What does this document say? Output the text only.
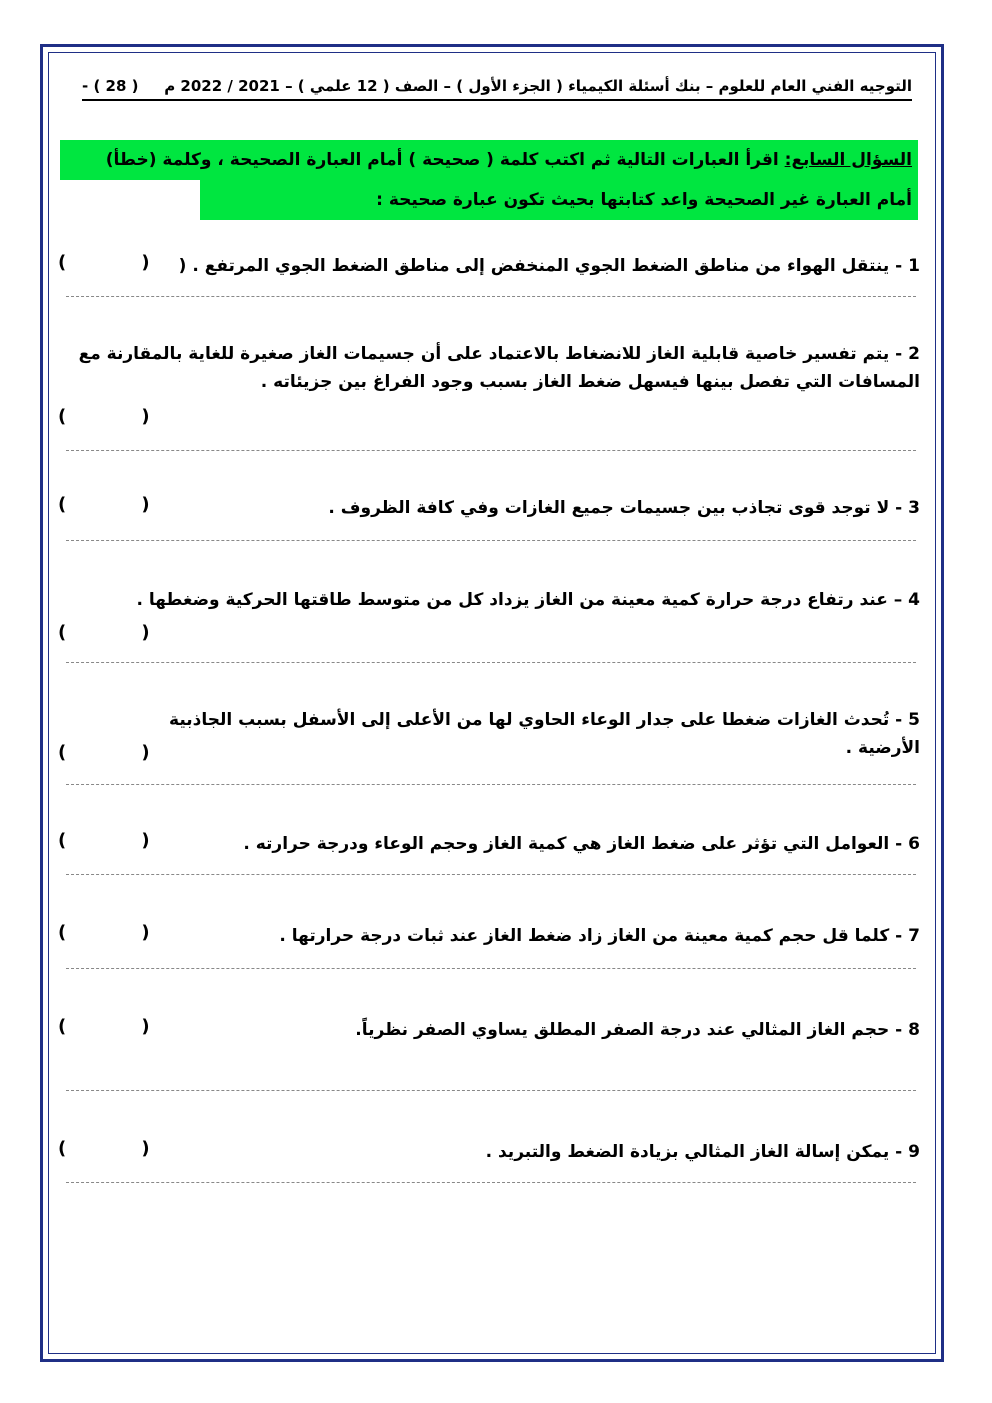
التوجيه الفني العام للعلوم – بنك أسئلة الكيمياء ( الجزء الأول ) – الصف ( 12 علمي ) – 2021 / 2022 م
- ( 28 )
السؤال السابع: اقرأ العبارات التالية ثم اكتب كلمة ( صحيحة ) أمام العبارة الصحيحة ، وكلمة (خطأ)
أمام العبارة غير الصحيحة واعد كتابتها بحيث تكون عبارة صحيحة :
1 - ينتقل الهواء من مناطق الضغط الجوي المنخفض إلى مناطق الضغط الجوي المرتفع . (
(            )
2 - يتم تفسير خاصية قابلية الغاز للانضغاط بالاعتماد على أن جسيمات الغاز صغيرة للغاية بالمقارنة مع المسافات التي تفصل بينها فيسهل ضغط الغاز بسبب وجود الفراغ بين جزيئاته .
(            )
3 - لا توجد قوى تجاذب بين جسيمات جميع الغازات وفي كافة الظروف .
(            )
4 – عند رتفاع درجة حرارة كمية معينة من الغاز يزداد كل من متوسط طاقتها الحركية وضغطها .
(            )
5 - تُحدث الغازات ضغطا على جدار الوعاء الحاوي لها من الأعلى إلى الأسفل بسبب الجاذبية الأرضية .
(            )
6 - العوامل التي تؤثر على ضغط الغاز هي كمية الغاز وحجم الوعاء ودرجة حرارته .
(            )
7 - كلما قل حجم كمية معينة من الغاز زاد ضغط الغاز عند ثبات درجة حرارتها .
(            )
8 - حجم الغاز المثالي عند درجة الصفر المطلق يساوي الصفر نظرياً.
(            )
9 - يمكن إسالة الغاز المثالي بزيادة الضغط والتبريد .
(            )
